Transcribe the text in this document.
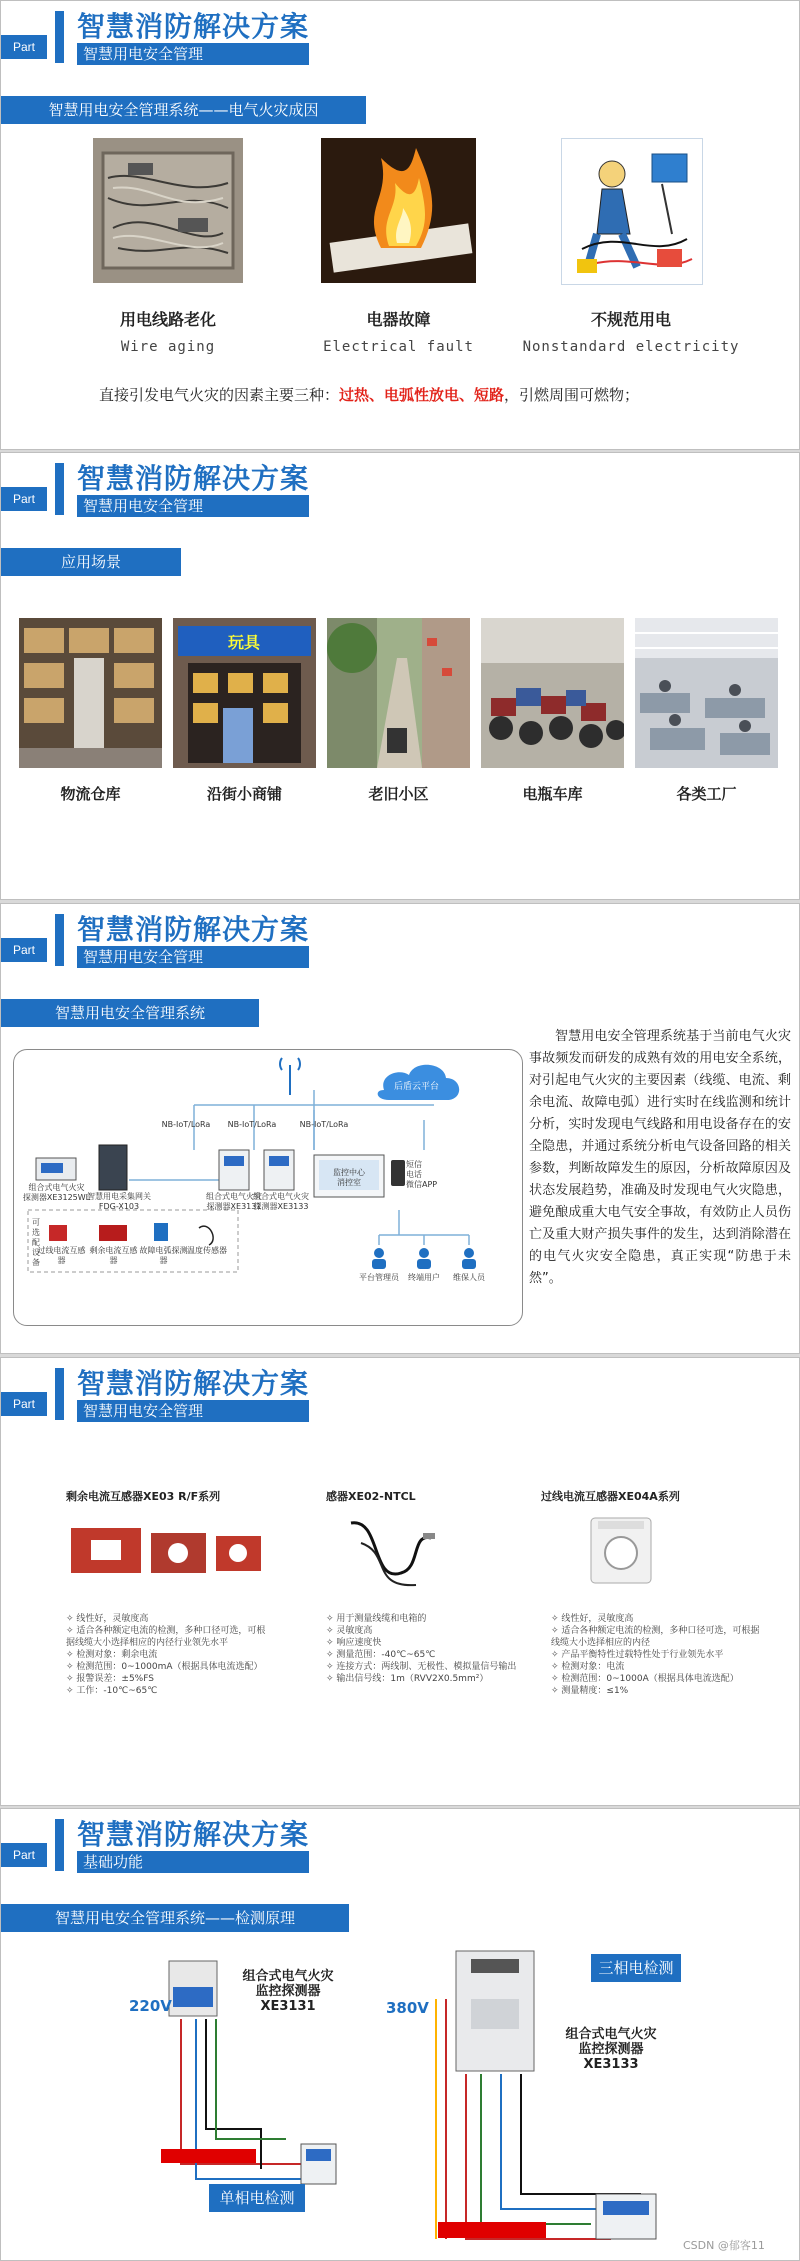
Part
智慧消防解决方案
智慧用电安全管理
智慧用电安全管理系统——电气火灾成因
用电线路老化
Wire aging
电器故障
Electrical fault
不规范用电
Nonstandard electricity
直接引发电气火灾的因素主要三种：过热、电弧性放电、短路，引燃周围可燃物；
Part
智慧消防解决方案
智慧用电安全管理
应用场景
玩具
物流仓库	沿街小商铺	老旧小区	电瓶车库	各类工厂
Part
智慧消防解决方案
智慧用电安全管理
智慧用电安全管理系统
后盾云平台
NB-IoT/LoRa	NB-IoT/LoRa	NB-IoT/LoRa
组合式电气火灾
探测器XE3125WL
智慧用电采集网关
FDG-X103
组合式电气火灾
探测器XE3131
组合式电气火灾
探测器XE3133
监控中心
消控室
短信
电话
微信APP
平台管理员	终端用户	维保人员
可选配设备
过线电流互感器
剩余电流互感器
故障电弧探测器
温度传感器
智慧用电安全管理系统基于当前电气火灾事故频发而研发的成熟有效的用电安全系统，对引起电气火灾的主要因素（线缆、电流、剩余电流、故障电弧）进行实时在线监测和统计分析，实时发现电气线路和用电设备存在的安全隐患，并通过系统分析电气设备回路的相关参数，判断故障发生的原因，分析故障原因及状态发展趋势，准确及时发现电气火灾隐患，避免酿成重大电气安全事故，有效防止人员伤亡及重大财产损失事件的发生，达到消除潜在的电气火灾安全隐患，真正实现“防患于未然”。
Part
智慧消防解决方案
智慧用电安全管理
剩余电流互感器XE03 R/F系列
✧ 线性好，灵敏度高
✧ 适合各种额定电流的检测，多种口径可选，可根据线缆大小选择相应的内径行业领先水平
✧ 检测对象：剩余电流
✧ 检测范围：0~1000mA（根据具体电流选配）
✧ 报警误差：±5%FS
✧ 工作：-10℃~65℃
感器XE02-NTCL
✧ 用于测量线缆和电箱的
✧ 灵敏度高
✧ 响应速度快
✧ 测量范围：-40℃~65℃
✧ 连接方式：两线制、无极性、模拟量信号输出
✧ 输出信号线：1m（RVV2X0.5mm²）
过线电流互感器XE04A系列
✧ 线性好，灵敏度高
✧ 适合各种额定电流的检测，多种口径可选，可根据线缆大小选择相应的内径
✧ 产品平衡特性过载特性处于行业领先水平
✧ 检测对象：电流
✧ 检测范围：0~1000A（根据具体电流选配）
✧ 测量精度：≤1%
Part
智慧消防解决方案
基础功能
智慧用电安全管理系统——检测原理
220V
组合式电气火灾
监控探测器
XE3131
单相电检测
380V
组合式电气火灾
监控探测器
XE3133
三相电检测
CSDN @郁客11
